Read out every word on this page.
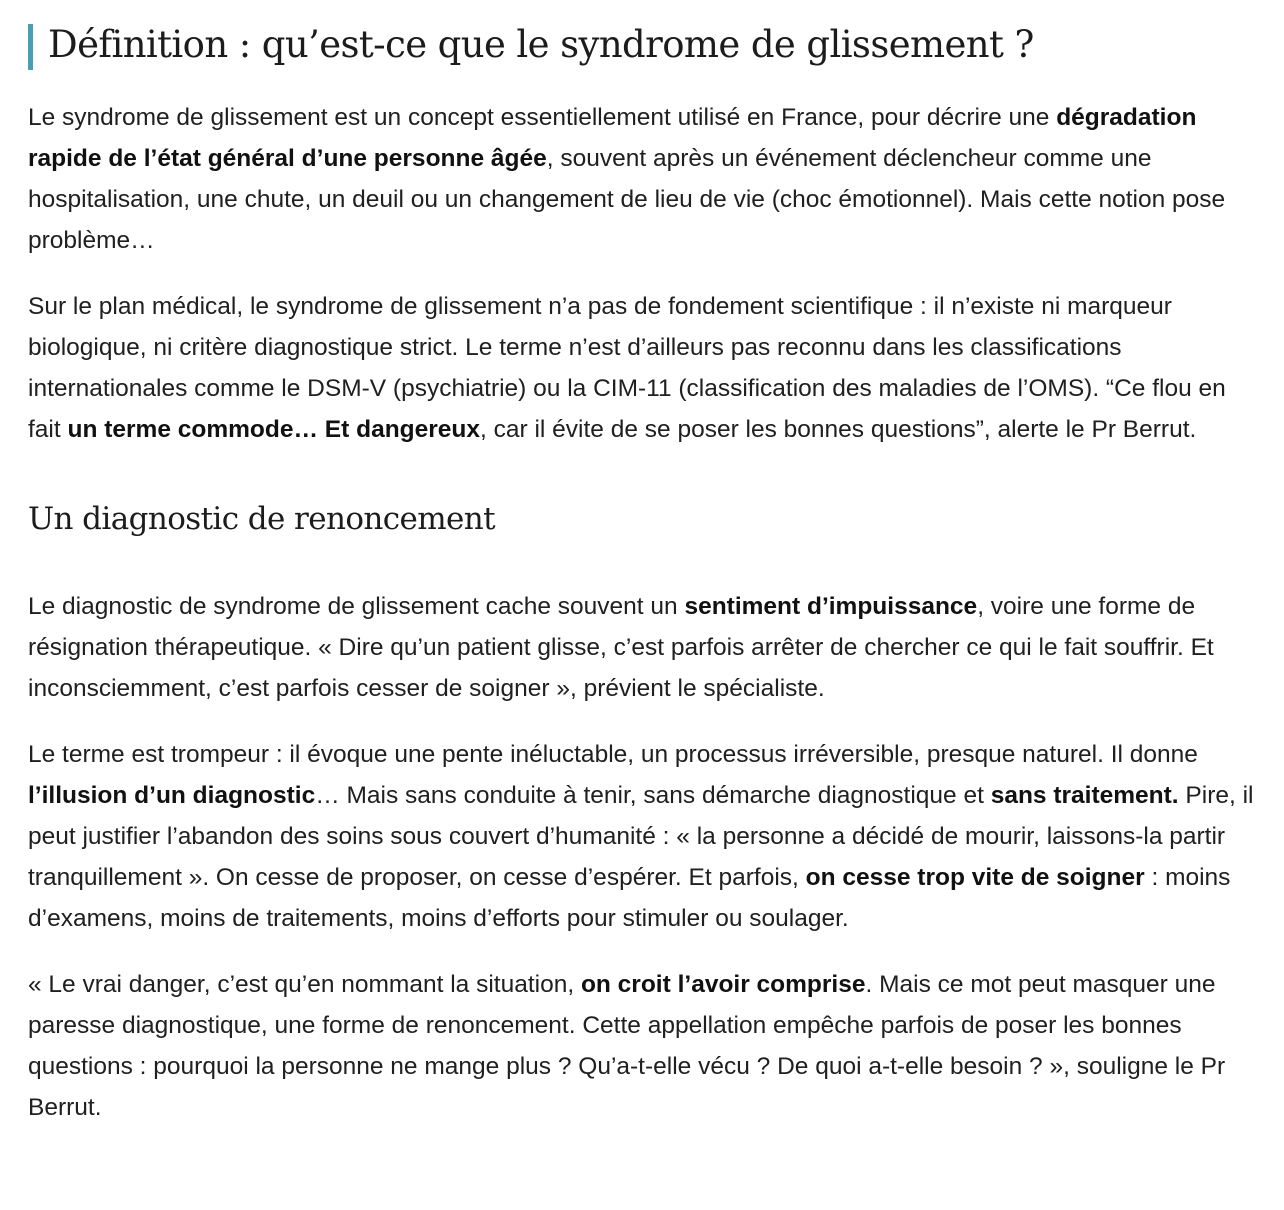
Définition : qu’est-ce que le syndrome de glissement ?

Le syndrome de glissement est un concept essentiellement utilisé en France, pour décrire une dégradation rapide de l’état général d’une personne âgée, souvent après un événement déclencheur comme une hospitalisation, une chute, un deuil ou un changement de lieu de vie (choc émotionnel). Mais cette notion pose problème…

Sur le plan médical, le syndrome de glissement n’a pas de fondement scientifique : il n’existe ni marqueur biologique, ni critère diagnostique strict. Le terme n’est d’ailleurs pas reconnu dans les classifications internationales comme le DSM-V (psychiatrie) ou la CIM-11 (classification des maladies de l’OMS). “Ce flou en fait un terme commode… Et dangereux, car il évite de se poser les bonnes questions”, alerte le Pr Berrut.

Un diagnostic de renoncement

Le diagnostic de syndrome de glissement cache souvent un sentiment d’impuissance, voire une forme de résignation thérapeutique. « Dire qu’un patient glisse, c’est parfois arrêter de chercher ce qui le fait souffrir. Et inconsciemment, c’est parfois cesser de soigner », prévient le spécialiste.

Le terme est trompeur : il évoque une pente inéluctable, un processus irréversible, presque naturel. Il donne l’illusion d’un diagnostic… Mais sans conduite à tenir, sans démarche diagnostique et sans traitement. Pire, il peut justifier l’abandon des soins sous couvert d’humanité : « la personne a décidé de mourir, laissons-la partir tranquillement ». On cesse de proposer, on cesse d’espérer. Et parfois, on cesse trop vite de soigner : moins d’examens, moins de traitements, moins d’efforts pour stimuler ou soulager.

« Le vrai danger, c’est qu’en nommant la situation, on croit l’avoir comprise. Mais ce mot peut masquer une paresse diagnostique, une forme de renoncement. Cette appellation empêche parfois de poser les bonnes questions : pourquoi la personne ne mange plus ? Qu’a-t-elle vécu ? De quoi a-t-elle besoin ? », souligne le Pr Berrut.
